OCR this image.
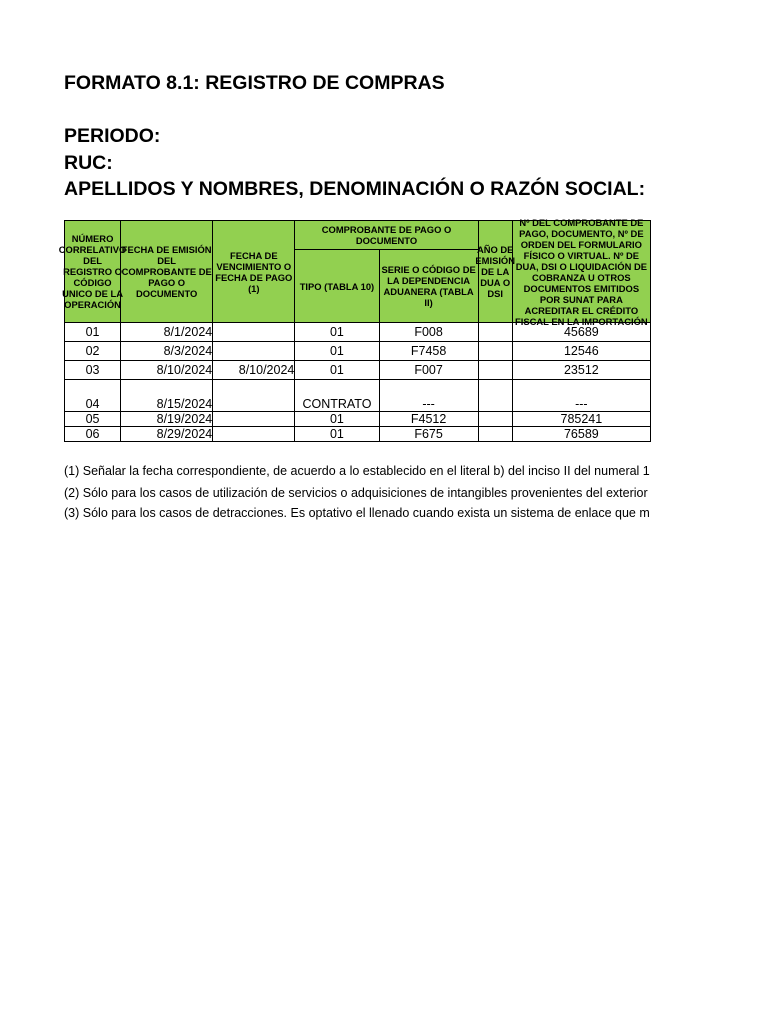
FORMATO 8.1: REGISTRO DE COMPRAS
PERIODO:
RUC:
APELLIDOS Y NOMBRES, DENOMINACIÓN O RAZÓN SOCIAL:
NÚMERO CORRELATIVO DEL REGISTRO O CÓDIGO UNICO DE LA OPERACIÓN	FECHA DE EMISIÓN DEL COMPROBANTE DE PAGO O DOCUMENTO	FECHA DE VENCIMIENTO O FECHA DE PAGO (1)	COMPROBANTE DE PAGO O DOCUMENTO		AÑO DE EMISIÓN DE LA DUA O DSI	Nº DEL COMPROBANTE DE PAGO, DOCUMENTO, Nº DE ORDEN DEL FORMULARIO FÍSICO O VIRTUAL. Nº DE DUA, DSI O LIQUIDACIÓN DE COBRANZA U OTROS DOCUMENTOS EMITIDOS POR SUNAT PARA ACREDITAR EL CRÉDITO FISCAL EN LA IMPORTACIÓN

			TIPO (TABLA 10)	SERIE O CÓDIGO DE LA DEPENDENCIA ADUANERA (TABLA II)		

01	8/1/2024		01	F008		45689
02	8/3/2024		01	F7458		12546
03	8/10/2024	8/10/2024	01	F007		23512
04	8/15/2024		CONTRATO	---		---
05	8/19/2024		01	F4512		785241
06	8/29/2024		01	F675		76589
(1) Señalar la fecha correspondiente, de acuerdo a lo establecido en el literal b) del inciso II del numeral 1
(2) Sólo para los casos de utilización de servicios o adquisiciones de intangibles provenientes del exterior
(3) Sólo para los casos de detracciones. Es optativo el llenado cuando exista un sistema de enlace que m
